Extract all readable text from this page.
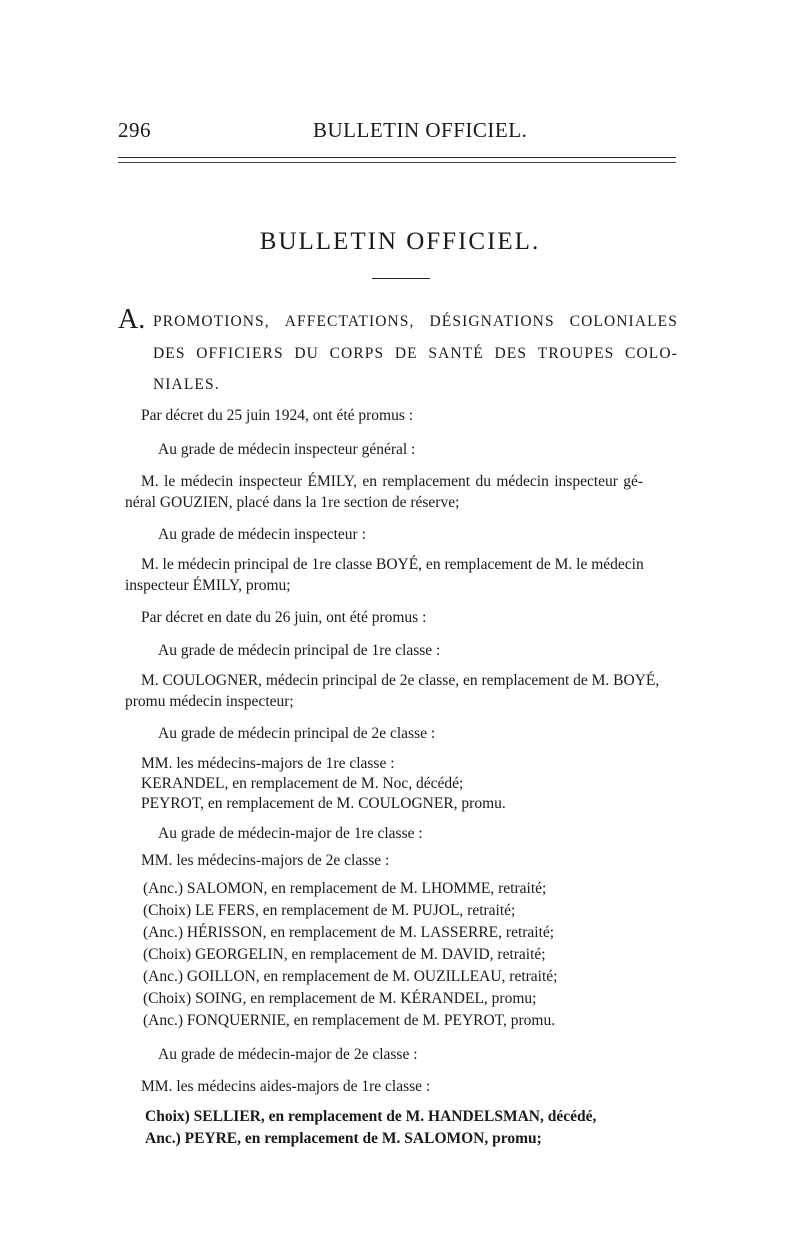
296	BULLETIN OFFICIEL.
BULLETIN OFFICIEL.
A. PROMOTIONS, AFFECTATIONS, DÉSIGNATIONS COLONIALES
DES OFFICIERS DU CORPS DE SANTÉ DES TROUPES COLO-
NIALES.
Par décret du 25 juin 1924, ont été promus :
Au grade de médecin inspecteur général :
M. le médecin inspecteur ÉMILY, en remplacement du médecin inspecteur gé-
néral GOUZIEN, placé dans la 1re section de réserve;
Au grade de médecin inspecteur :
M. le médecin principal de 1re classe BOYÉ, en remplacement de M. le médecin
inspecteur ÉMILY, promu;
Par décret en date du 26 juin, ont été promus :
Au grade de médecin principal de 1re classe :
M. COULOGNER, médecin principal de 2e classe, en remplacement de M. BOYÉ,
promu médecin inspecteur;
Au grade de médecin principal de 2e classe :
MM. les médecins-majors de 1re classe :
KERANDEL, en remplacement de M. Noc, décédé;
PEYROT, en remplacement de M. COULOGNER, promu.
Au grade de médecin-major de 1re classe :
MM. les médecins-majors de 2e classe :
(Anc.) SALOMON, en remplacement de M. LHOMME, retraité;
(Choix) LE FERS, en remplacement de M. PUJOL, retraité;
(Anc.) HÉRISSON, en remplacement de M. LASSERRE, retraité;
(Choix) GEORGELIN, en remplacement de M. DAVID, retraité;
(Anc.) GOILLON, en remplacement de M. OUZILLEAU, retraité;
(Choix) SOING, en remplacement de M. KÉRANDEL, promu;
(Anc.) FONQUERNIE, en remplacement de M. PEYROT, promu.
Au grade de médecin-major de 2e classe :
MM. les médecins aides-majors de 1re classe :
Choix) SELLIER, en remplacement de M. HANDELSMAN, décédé,
Anc.) PEYRE, en remplacement de M. SALOMON, promu;
